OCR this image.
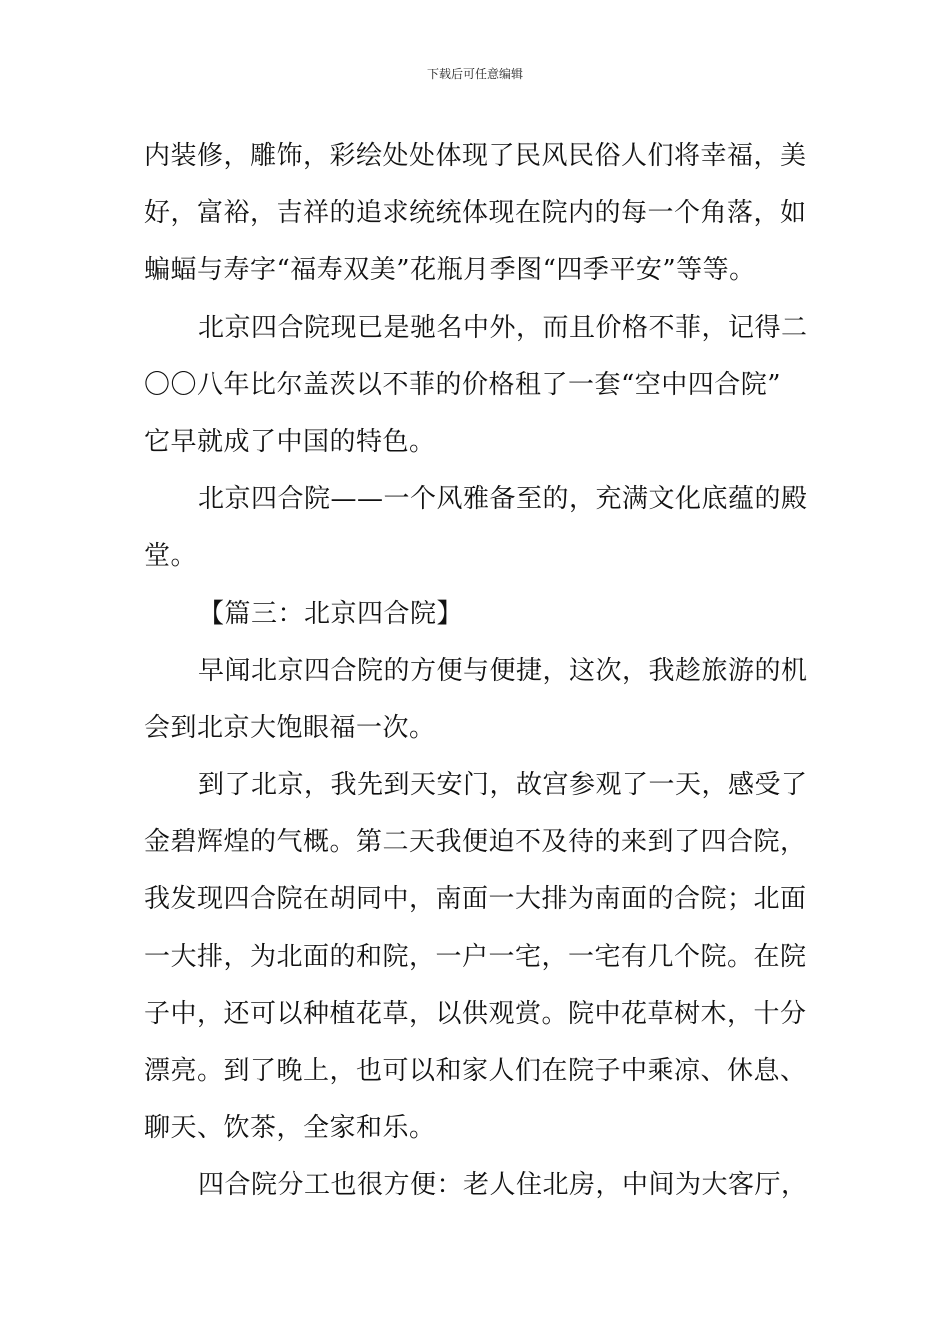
下载后可任意编辑
内装修，雕饰，彩绘处处体现了民风民俗人们将幸福，美
好，富裕，吉祥的追求统统体现在院内的每一个角落，如
蝙蝠与寿字“福寿双美”花瓶月季图“四季平安”等等。
北京四合院现已是驰名中外，而且价格不菲，记得二
〇〇八年比尔盖茨以不菲的价格租了一套“空中四合院”
它早就成了中国的特色。
北京四合院——一个风雅备至的，充满文化底蕴的殿
堂。
【篇三：北京四合院】
早闻北京四合院的方便与便捷，这次，我趁旅游的机
会到北京大饱眼福一次。
到了北京，我先到天安门，故宫参观了一天，感受了
金碧辉煌的气概。第二天我便迫不及待的来到了四合院，
我发现四合院在胡同中，南面一大排为南面的合院；北面
一大排，为北面的和院，一户一宅，一宅有几个院。在院
子中，还可以种植花草，以供观赏。院中花草树木，十分
漂亮。到了晚上，也可以和家人们在院子中乘凉、休息、
聊天、饮茶，全家和乐。
四合院分工也很方便：老人住北房，中间为大客厅，
